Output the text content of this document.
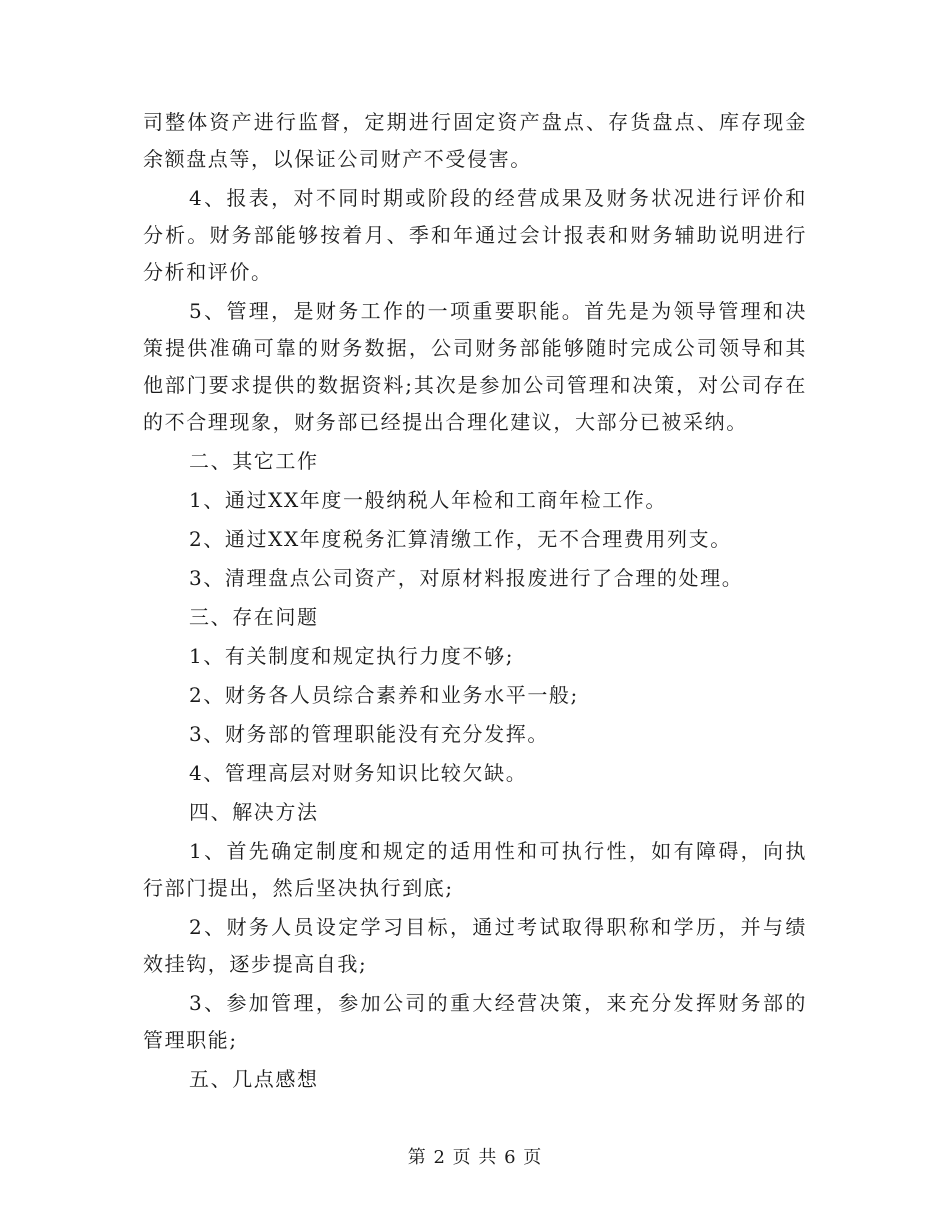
司整体资产进行监督，定期进行固定资产盘点、存货盘点、库存现金余额盘点等，以保证公司财产不受侵害。

4、报表，对不同时期或阶段的经营成果及财务状况进行评价和分析。财务部能够按着月、季和年通过会计报表和财务辅助说明进行分析和评价。

5、管理，是财务工作的一项重要职能。首先是为领导管理和决策提供准确可靠的财务数据，公司财务部能够随时完成公司领导和其他部门要求提供的数据资料;其次是参加公司管理和决策，对公司存在的不合理现象，财务部已经提出合理化建议，大部分已被采纳。

二、其它工作

1、通过XX年度一般纳税人年检和工商年检工作。

2、通过XX年度税务汇算清缴工作，无不合理费用列支。

3、清理盘点公司资产，对原材料报废进行了合理的处理。

三、存在问题

1、有关制度和规定执行力度不够;

2、财务各人员综合素养和业务水平一般;

3、财务部的管理职能没有充分发挥。

4、管理高层对财务知识比较欠缺。

四、解决方法

1、首先确定制度和规定的适用性和可执行性，如有障碍，向执行部门提出，然后坚决执行到底;

2、财务人员设定学习目标，通过考试取得职称和学历，并与绩效挂钩，逐步提高自我;

3、参加管理，参加公司的重大经营决策，来充分发挥财务部的管理职能;

五、几点感想

第 2 页 共 6 页
